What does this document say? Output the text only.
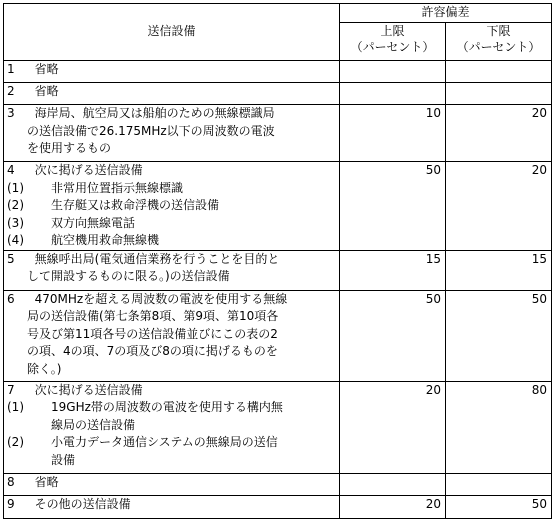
送信設備	許容偏差	

	上限
（パーセント）	下限
（パーセント）

1 省略		

2 省略		

3 海岸局、航空局又は船舶のための無線標識局
の送信設備で26.175MHz以下の周波数の電波
を使用するもの	10	20

4 次に掲げる送信設備
(1) 非常用位置指示無線標識
(2) 生存艇又は救命浮機の送信設備
(3) 双方向無線電話
(4) 航空機用救命無線機	50	20

5 無線呼出局(電気通信業務を行うことを目的と
して開設するものに限る。)の送信設備	15	15

6 470MHzを超える周波数の電波を使用する無線
局の送信設備(第七条第8項、第9項、第10項各
号及び第11項各号の送信設備並びにこの表の2
の項、4の項、7の項及び8の項に掲げるものを
除く。)	50	50

7 次に掲げる送信設備
(1) 19GHz帯の周波数の電波を使用する構内無
線局の送信設備
(2) 小電力データ通信システムの無線局の送信
設備	20	80

8 省略		

9 その他の送信設備	20	50
